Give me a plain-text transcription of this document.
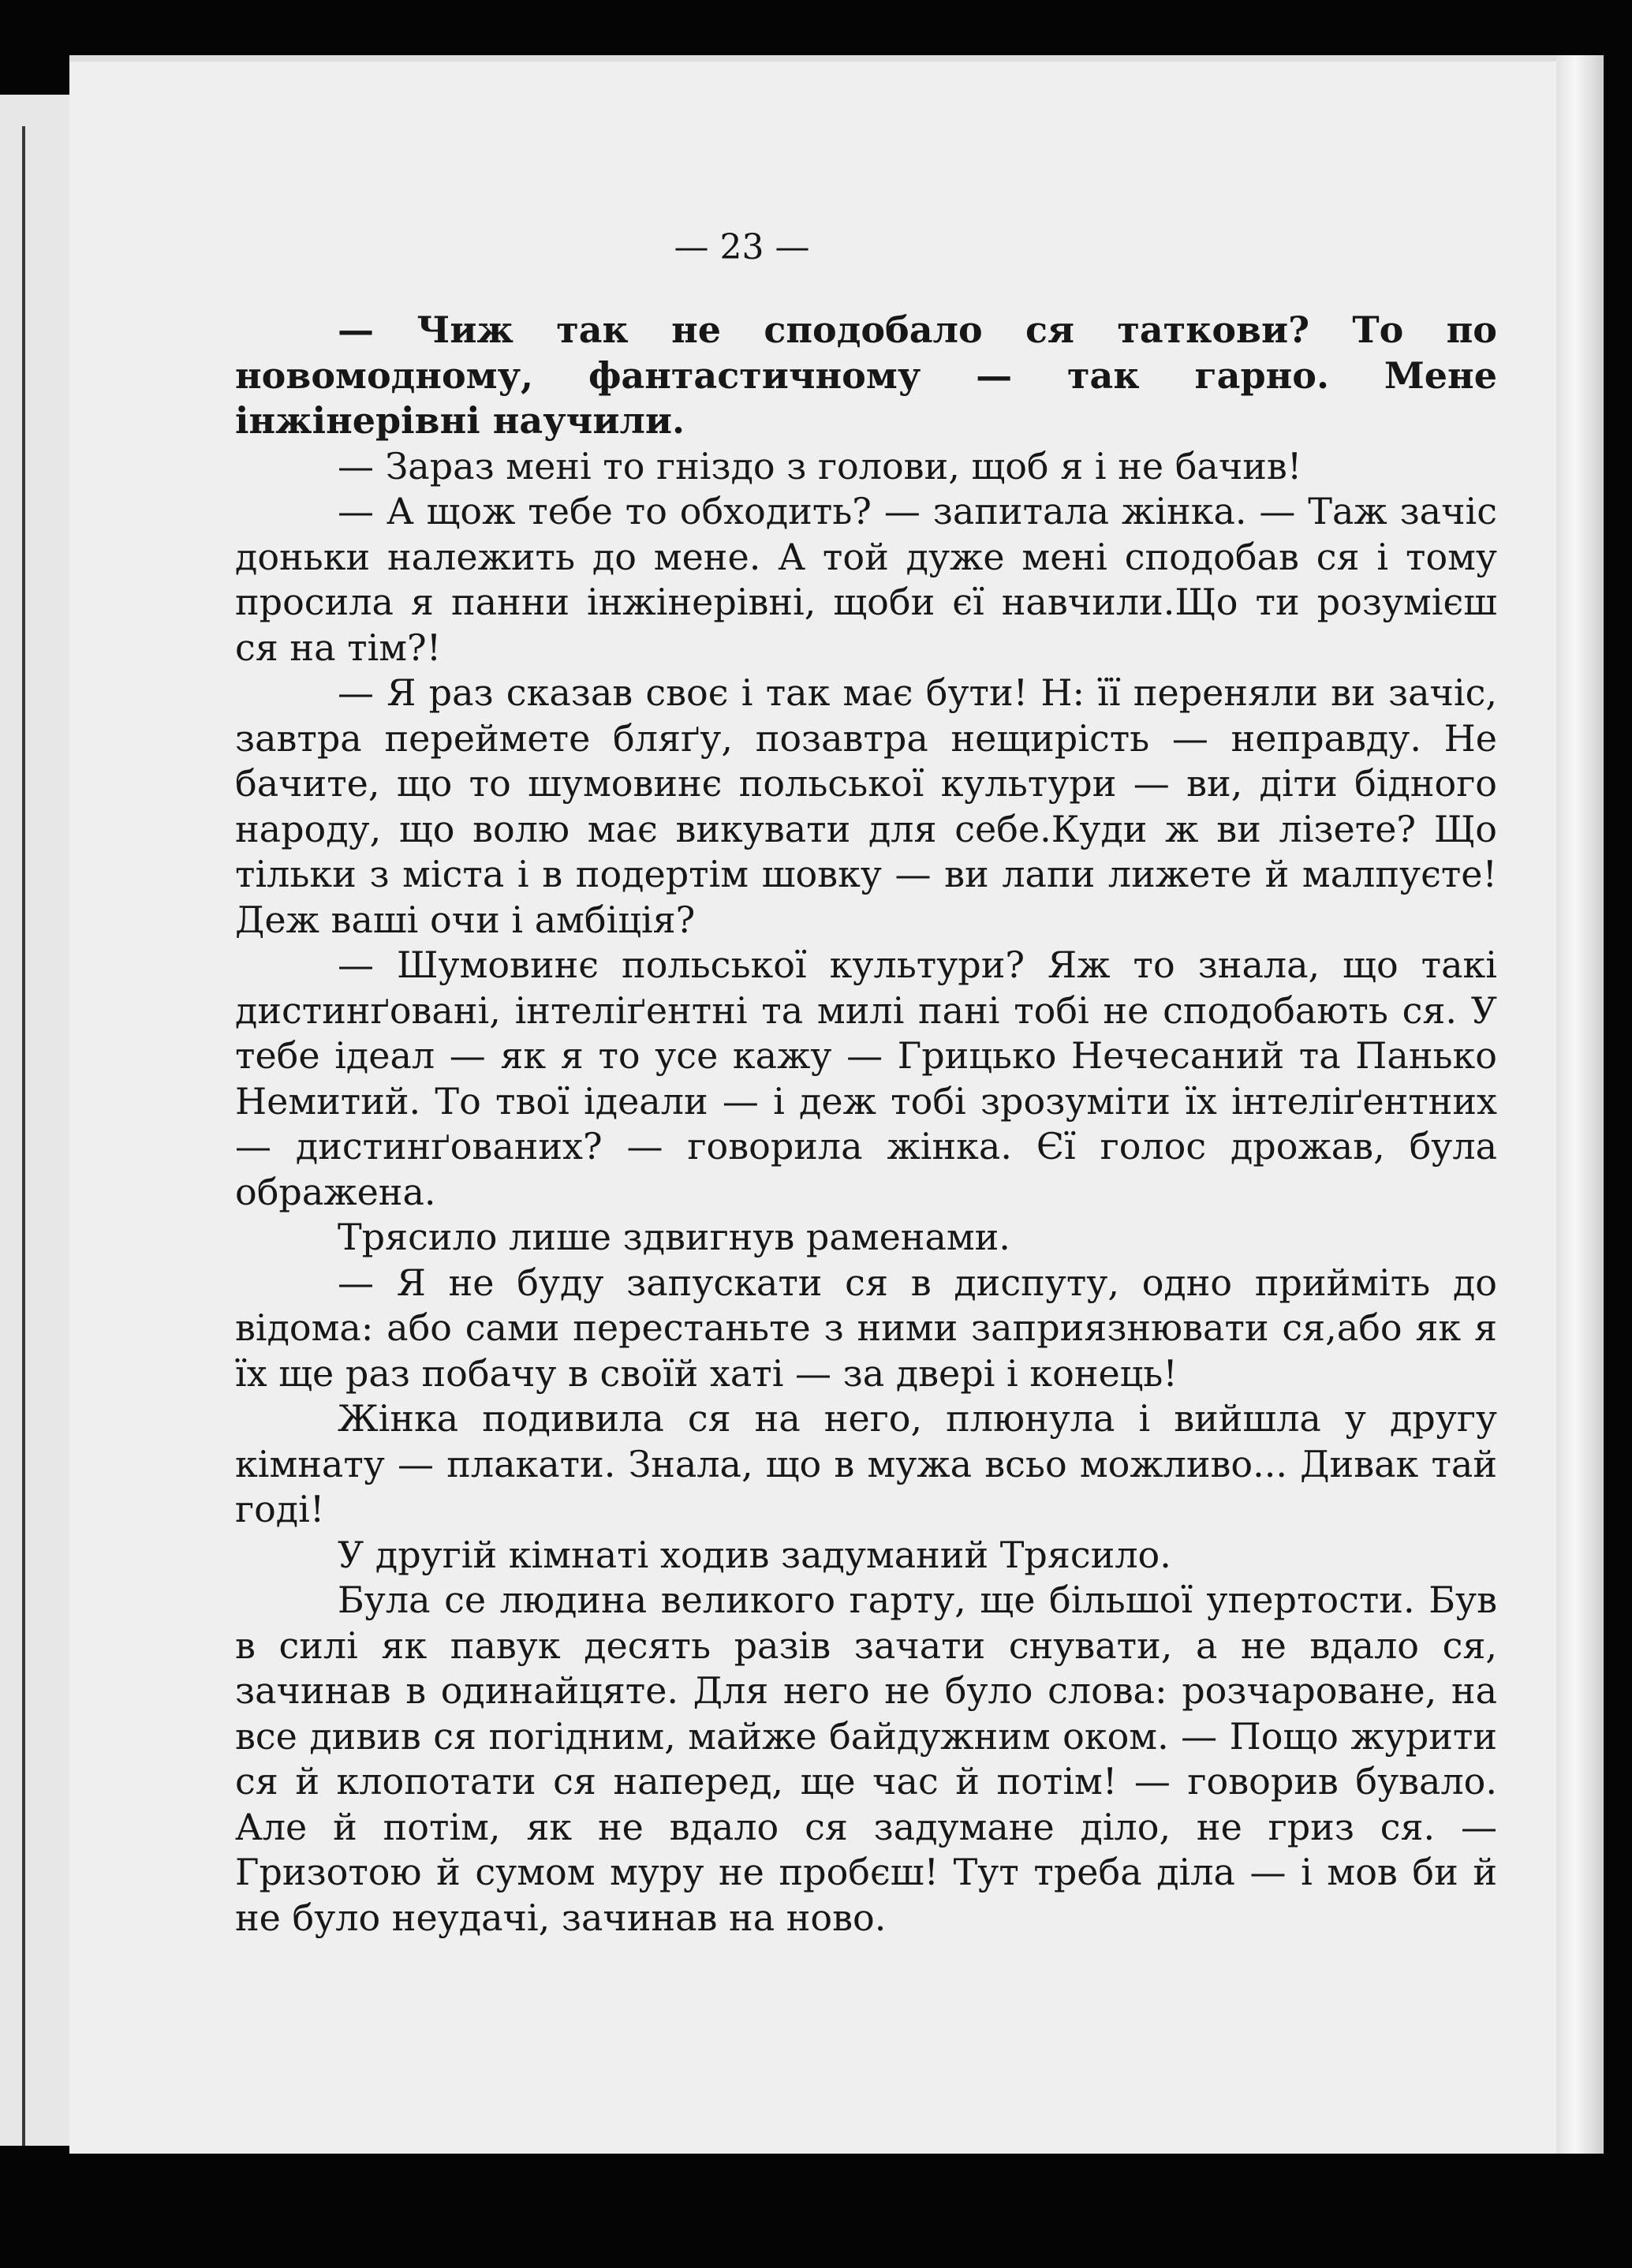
— 23 —

— Чиж так не сподобало ся таткови? То по новомодному, фантастичному — так гарно. Мене інжінерівні научили.

— Зараз мені то гніздо з голови, щоб я і не бачив!

— А щож тебе то обходить? — запитала жінка. — Таж зачіс доньки належить до мене. А той дуже мені сподобав ся і тому просила я панни інжінерівні, щоби єї навчили.Що ти розумієш ся на тім?!

— Я раз сказав своє і так має бути! Н: її переняли ви зачіс, завтра переймете бляґу, позавтра нещирість — неправду. Не бачите, що то шумовинє польської культури — ви, діти бідного народу, що волю має викувати для себе.Куди ж ви лізете? Що тільки з міста і в подертім шовку — ви лапи лижете й малпуєте! Деж ваші очи і амбіція?

— Шумовинє польської культури? Яж то знала, що такі дистинґовані, інтеліґентні та милі пані тобі не сподобають ся. У тебе ідеал — як я то усе кажу — Грицько Нечесаний та Панько Немитий. То твої ідеали — і деж тобі зрозуміти їх інтеліґентних — дистинґованих? — говорила жінка. Єї голос дрожав, була ображена.

Трясило лише здвигнув раменами.

— Я не буду запускати ся в диспуту, одно прийміть до відома: або сами перестаньте з ними заприязнювати ся,або як я їх ще раз побачу в своїй хаті — за двері і конець!

Жінка подивила ся на него, плюнула і вийшла у другу кімнату — плакати. Знала, що в мужа всьо можливо... Дивак тай годі!

У другій кімнаті ходив задуманий Трясило.

Була се людина великого гарту, ще більшої упертости. Був в силі як павук десять разів зачати снувати, а не вдало ся, зачинав в одинайцяте. Для него не було слова: розчароване, на все дивив ся погідним, майже байдужним оком. — Пощо журити ся й клопотати ся наперед, ще час й потім! — говорив бувало. Але й потім, як не вдало ся задумане діло, не гриз ся. — Гризотою й сумом муру не пробєш! Тут треба діла — і мов би й не було неудачі, зачинав на ново.
